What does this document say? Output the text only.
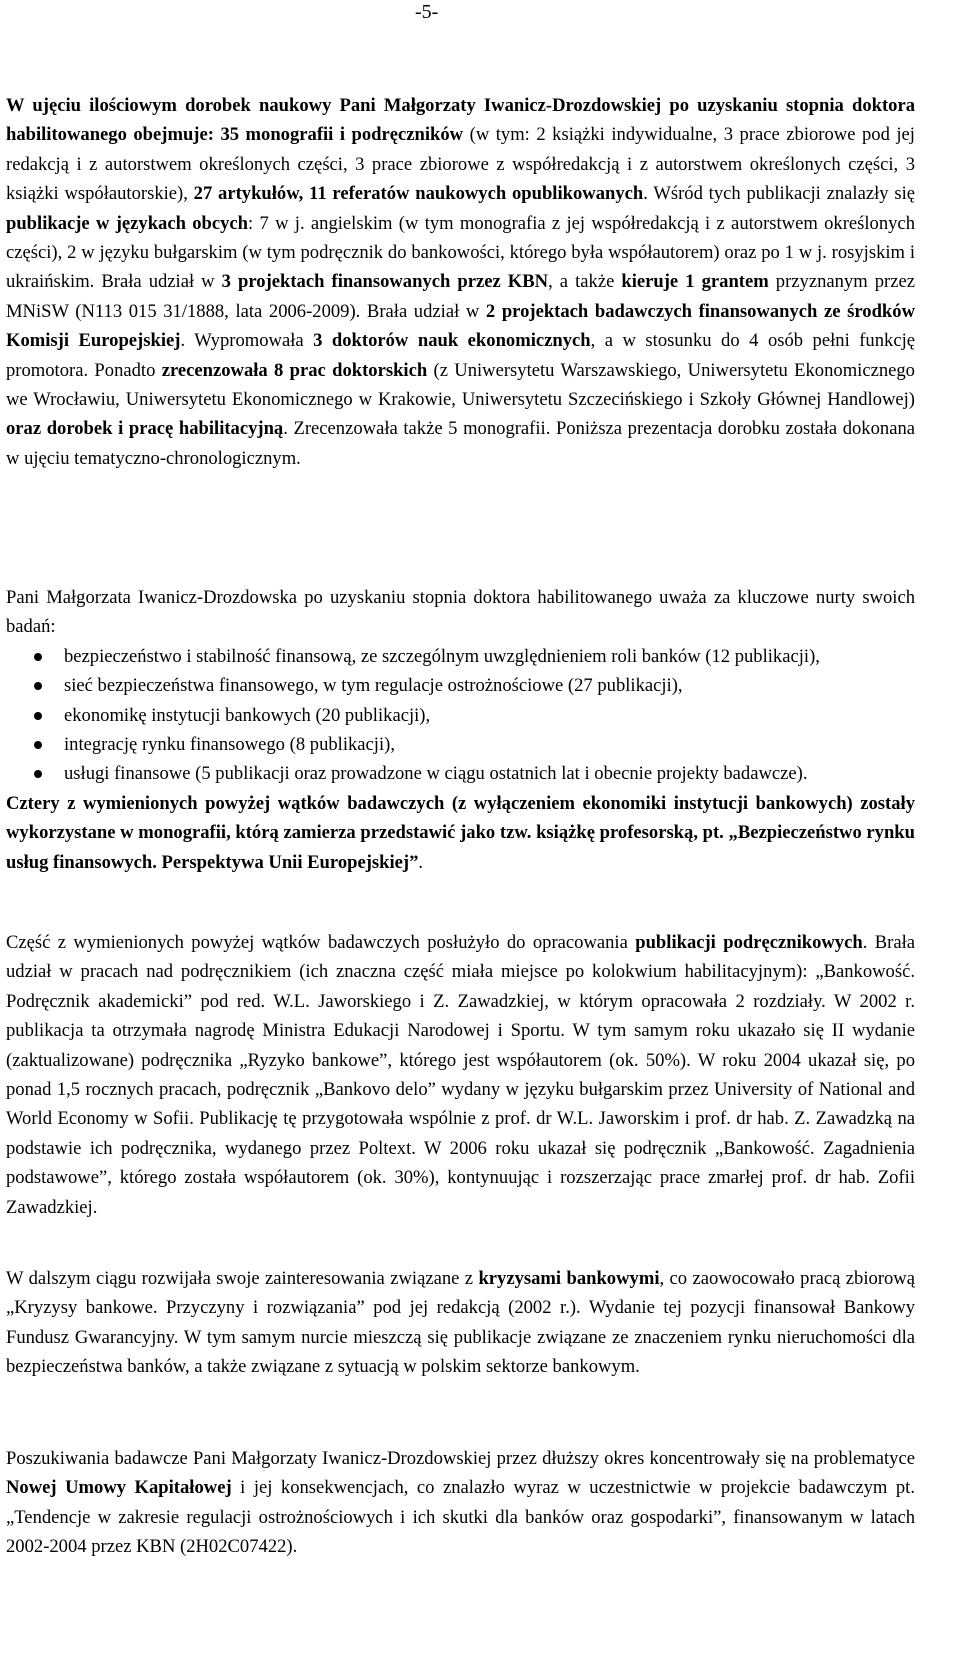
-5-

W ujęciu ilościowym dorobek naukowy Pani Małgorzaty Iwanicz-Drozdowskiej po uzyskaniu stopnia doktora habilitowanego obejmuje: 35 monografii i podręczników (w tym: 2 książki indywidualne, 3 prace zbiorowe pod jej redakcją i z autorstwem określonych części, 3 prace zbiorowe z współredakcją i z autorstwem określonych części, 3 książki współautorskie), 27 artykułów, 11 referatów naukowych opublikowanych. Wśród tych publikacji znalazły się publikacje w językach obcych: 7 w j. angielskim (w tym monografia z jej współredakcją i z autorstwem określonych części), 2 w języku bułgarskim (w tym podręcznik do bankowości, którego była współautorem) oraz po 1 w j. rosyjskim i ukraińskim. Brała udział w 3 projektach finansowanych przez KBN, a także kieruje 1 grantem przyznanym przez MNiSW (N113 015 31/1888, lata 2006-2009). Brała udział w 2 projektach badawczych finansowanych ze środków Komisji Europejskiej. Wypromowała 3 doktorów nauk ekonomicznych, a w stosunku do 4 osób pełni funkcję promotora. Ponadto zrecenzowała 8 prac doktorskich (z Uniwersytetu Warszawskiego, Uniwersytetu Ekonomicznego we Wrocławiu, Uniwersytetu Ekonomicznego w Krakowie, Uniwersytetu Szczecińskiego i Szkoły Głównej Handlowej) oraz dorobek i pracę habilitacyjną. Zrecenzowała także 5 monografii. Poniższa prezentacja dorobku została dokonana w ujęciu tematyczno-chronologicznym.

Pani Małgorzata Iwanicz-Drozdowska po uzyskaniu stopnia doktora habilitowanego uważa za kluczowe nurty swoich badań:

bezpieczeństwo i stabilność finansową, ze szczególnym uwzględnieniem roli banków (12 publikacji),
sieć bezpieczeństwa finansowego, w tym regulacje ostrożnościowe (27 publikacji),
ekonomikę instytucji bankowych (20 publikacji),
integrację rynku finansowego (8 publikacji),
usługi finansowe (5 publikacji oraz prowadzone w ciągu ostatnich lat i obecnie projekty badawcze).

Cztery z wymienionych powyżej wątków badawczych (z wyłączeniem ekonomiki instytucji bankowych) zostały wykorzystane w monografii, którą zamierza przedstawić jako tzw. książkę profesorską, pt. „Bezpieczeństwo rynku usług finansowych. Perspektywa Unii Europejskiej”.

Część z wymienionych powyżej wątków badawczych posłużyło do opracowania publikacji podręcznikowych. Brała udział w pracach nad podręcznikiem (ich znaczna część miała miejsce po kolokwium habilitacyjnym): „Bankowość. Podręcznik akademicki” pod red. W.L. Jaworskiego i Z. Zawadzkiej, w którym opracowała 2 rozdziały. W 2002 r. publikacja ta otrzymała nagrodę Ministra Edukacji Narodowej i Sportu. W tym samym roku ukazało się II wydanie (zaktualizowane) podręcznika „Ryzyko bankowe”, którego jest współautorem (ok. 50%). W roku 2004 ukazał się, po ponad 1,5 rocznych pracach, podręcznik „Bankovo delo” wydany w języku bułgarskim przez University of National and World Economy w Sofii. Publikację tę przygotowała wspólnie z prof. dr W.L. Jaworskim i prof. dr hab. Z. Zawadzką na podstawie ich podręcznika, wydanego przez Poltext. W 2006 roku ukazał się podręcznik „Bankowość. Zagadnienia podstawowe”, którego została współautorem (ok. 30%), kontynuując i rozszerzając prace zmarłej prof. dr hab. Zofii Zawadzkiej.

W dalszym ciągu rozwijała swoje zainteresowania związane z kryzysami bankowymi, co zaowocowało pracą zbiorową „Kryzysy bankowe. Przyczyny i rozwiązania” pod jej redakcją (2002 r.). Wydanie tej pozycji finansował Bankowy Fundusz Gwarancyjny. W tym samym nurcie mieszczą się publikacje związane ze znaczeniem rynku nieruchomości dla bezpieczeństwa banków, a także związane z sytuacją w polskim sektorze bankowym.

Poszukiwania badawcze Pani Małgorzaty Iwanicz-Drozdowskiej przez dłuższy okres koncentrowały się na problematyce Nowej Umowy Kapitałowej i jej konsekwencjach, co znalazło wyraz w uczestnictwie w projekcie badawczym pt. „Tendencje w zakresie regulacji ostrożnościowych i ich skutki dla banków oraz gospodarki”, finansowanym w latach 2002-2004 przez KBN (2H02C07422).
